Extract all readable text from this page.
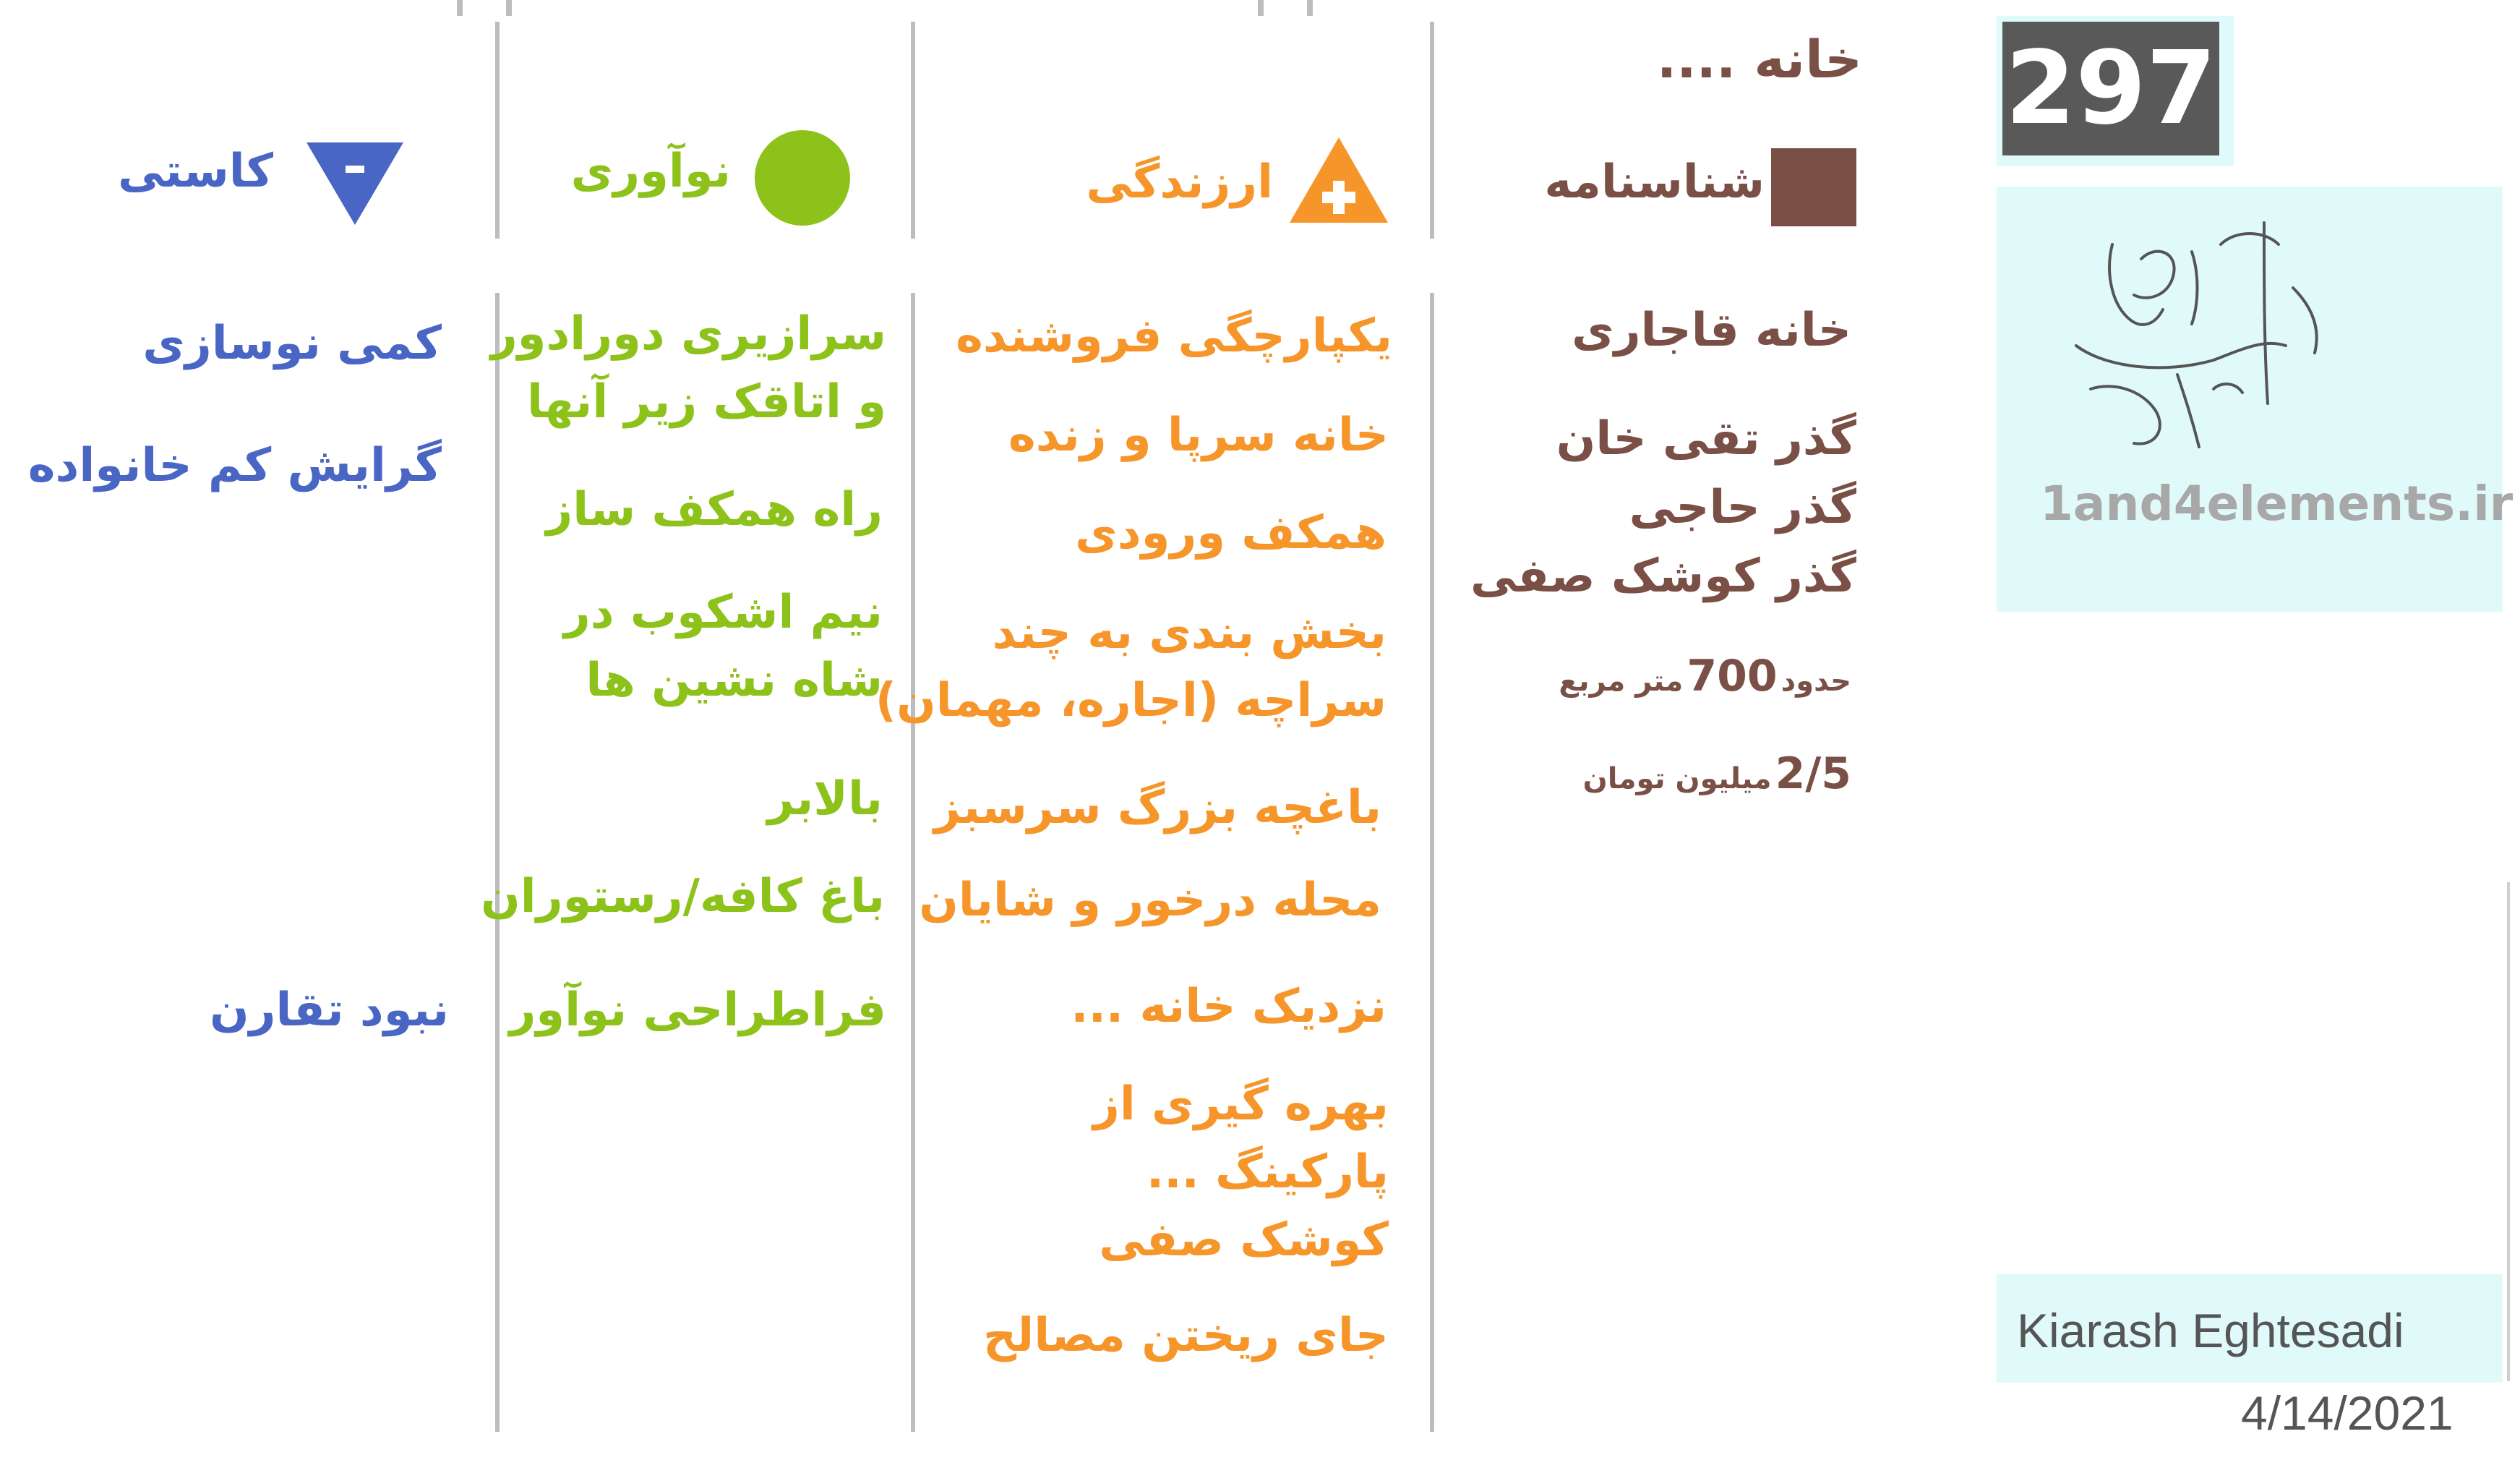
297
آچار عنصرا
1and4elements.ir
Kiarash Eghtesadi
4/14/2021
خانه ....
شناسنامه
خانه قاجاری
گذر تقی خان
گذر حاجی
گذر کوشک صفی
حدود 700 متر مربع
2/5 میلیون تومان
ارزندگی
یکپارچگی فروشنده
خانه سرپا و زنده
همکف ورودی
بخش بندی به چند
سراچه (اجاره، مهمان)
باغچه بزرگ سرسبز
محله درخور و شایان
نزدیک خانه ...
بهره گیری از
پارکینگ ...
کوشک صفی
جای ریختن مصالح
نوآوری
سرازیری دورادور
و اتاقک زیر آنها
راه همکف ساز
نیم اشکوب در
شاه نشین ها
بالابر
باغ کافه/رستوران
فراطراحی نوآور
کاستی
کمی نوسازی
گرایش کم خانواده
نبود تقارن
